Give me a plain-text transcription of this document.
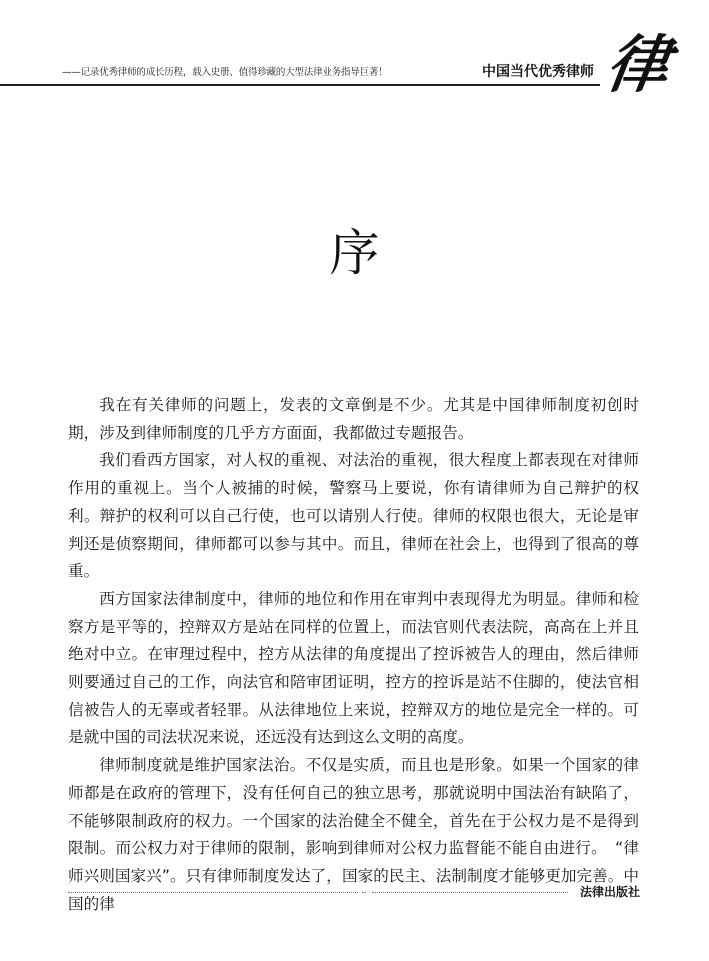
——记录优秀律师的成长历程，载入史册、值得珍藏的大型法律业务指导巨著！	中国当代优秀律师 律
序

我在有关律师的问题上，发表的文章倒是不少。尤其是中国律师制度初创时期，涉及到律师制度的几乎方方面面，我都做过专题报告。

我们看西方国家，对人权的重视、对法治的重视，很大程度上都表现在对律师作用的重视上。当个人被捕的时候，警察马上要说，你有请律师为自己辩护的权利。辩护的权利可以自己行使，也可以请别人行使。律师的权限也很大，无论是审判还是侦察期间，律师都可以参与其中。而且，律师在社会上，也得到了很高的尊重。

西方国家法律制度中，律师的地位和作用在审判中表现得尤为明显。律师和检察方是平等的，控辩双方是站在同样的位置上，而法官则代表法院，高高在上并且绝对中立。在审理过程中，控方从法律的角度提出了控诉被告人的理由，然后律师则要通过自己的工作，向法官和陪审团证明，控方的控诉是站不住脚的，使法官相信被告人的无辜或者轻罪。从法律地位上来说，控辩双方的地位是完全一样的。可是就中国的司法状况来说，还远没有达到这么文明的高度。

律师制度就是维护国家法治。不仅是实质，而且也是形象。如果一个国家的律师都是在政府的管理下，没有任何自己的独立思考，那就说明中国法治有缺陷了，不能够限制政府的权力。一个国家的法治健全不健全，首先在于公权力是不是得到限制。而公权力对于律师的限制，影响到律师对公权力监督能不能自由进行。　“律师兴则国家兴”。只有律师制度发达了，国家的民主、法制制度才能够更加完善。中国的律

法律出版社
